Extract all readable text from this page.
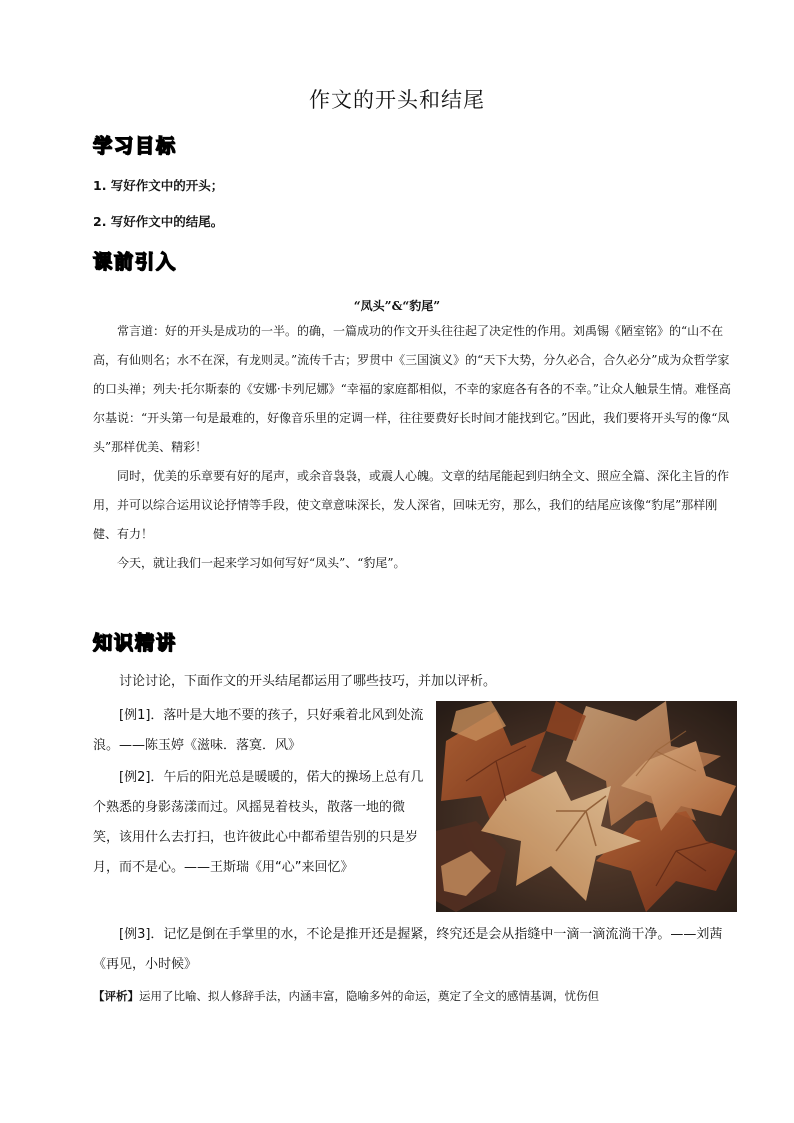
作文的开头和结尾
学习目标
1. 写好作文中的开头；
2. 写好作文中的结尾。
课前引入
“凤头”&“豹尾”

常言道：好的开头是成功的一半。的确，一篇成功的作文开头往往起了决定性的作用。刘禹锡《陋室铭》的“山不在高，有仙则名；水不在深，有龙则灵。”流传千古；罗贯中《三国演义》的“天下大势，分久必合，合久必分”成为众哲学家的口头禅；列夫·托尔斯泰的《安娜·卡列尼娜》“幸福的家庭都相似，不幸的家庭各有各的不幸。”让众人触景生情。难怪高尔基说：“开头第一句是最难的，好像音乐里的定调一样，往往要费好长时间才能找到它。”因此，我们要将开头写的像“凤头”那样优美、精彩！

同时，优美的乐章要有好的尾声，或余音袅袅，或震人心魄。文章的结尾能起到归纳全文、照应全篇、深化主旨的作用，并可以综合运用议论抒情等手段，使文章意味深长，发人深省，回味无穷，那么，我们的结尾应该像“豹尾”那样刚健、有力！

今天，就让我们一起来学习如何写好“凤头”、“豹尾”。

知识精讲
讨论讨论，下面作文的开头结尾都运用了哪些技巧，并加以评析。
[例1]．落叶是大地不要的孩子，只好乘着北风到处流浪。——陈玉婷《滋味．落寞．风》
[例2]．午后的阳光总是暖暖的，偌大的操场上总有几个熟悉的身影荡漾而过。风摇晃着枝头，散落一地的微笑，该用什么去打扫，也许彼此心中都希望告别的只是岁月，而不是心。——王斯瑞《用“心”来回忆》
[例3]．记忆是倒在手掌里的水，不论是推开还是握紧，终究还是会从指缝中一滴一滴流淌干净。——刘茜《再见，小时候》
【评析】运用了比喻、拟人修辞手法，内涵丰富，隐喻多舛的命运，奠定了全文的感情基调，忧伤但
